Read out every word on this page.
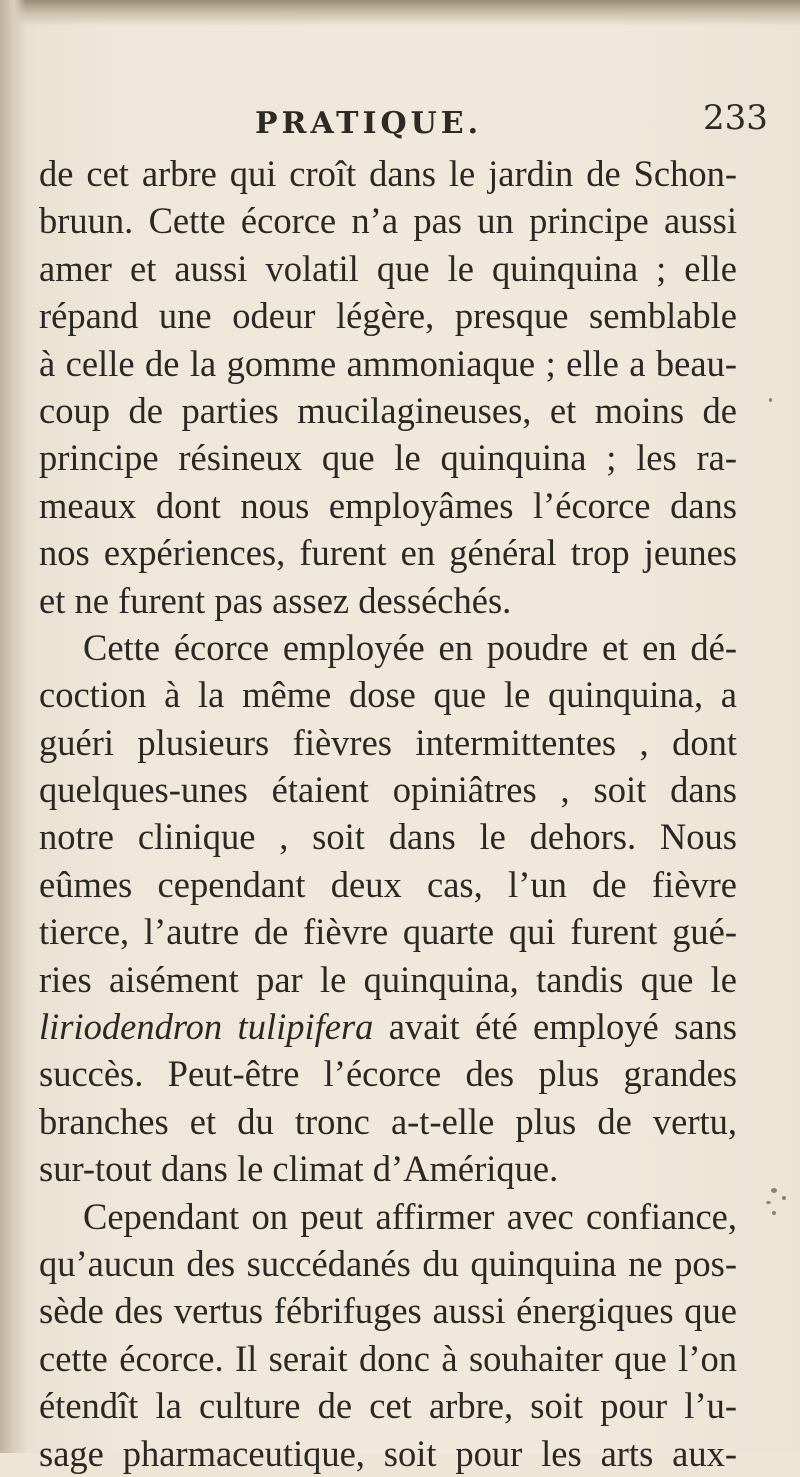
PRATIQUE.	233
de cet arbre qui croît dans le jardin de Schon-
bruun. Cette écorce n’a pas un principe aussi
amer et aussi volatil que le quinquina ; elle
répand une odeur légère, presque semblable
à celle de la gomme ammoniaque ; elle a beau-
coup de parties mucilagineuses, et moins de
principe résineux que le quinquina ; les ra-
meaux dont nous employâmes l’écorce dans
nos expériences, furent en général trop jeunes
et ne furent pas assez desséchés.
Cette écorce employée en poudre et en dé-
coction à la même dose que le quinquina, a
guéri plusieurs fièvres intermittentes , dont
quelques-unes étaient opiniâtres , soit dans
notre clinique , soit dans le dehors. Nous
eûmes cependant deux cas, l’un de fièvre
tierce, l’autre de fièvre quarte qui furent gué-
ries aisément par le quinquina, tandis que le
liriodendron tulipifera avait été employé sans
succès. Peut-être l’écorce des plus grandes
branches et du tronc a-t-elle plus de vertu,
sur-tout dans le climat d’Amérique.
Cependant on peut affirmer avec confiance,
qu’aucun des succédanés du quinquina ne pos-
sède des vertus fébrifuges aussi énergiques que
cette écorce. Il serait donc à souhaiter que l’on
étendît la culture de cet arbre, soit pour l’u-
sage pharmaceutique, soit pour les arts aux-
